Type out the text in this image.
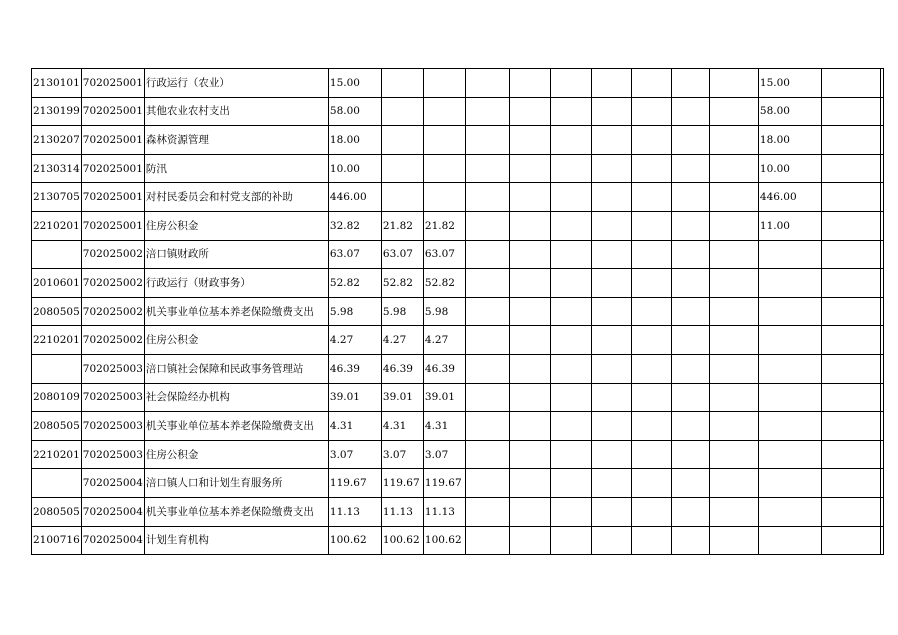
2130101	702025001	行政运行（农业）	15.00										15.00		
2130199	702025001	其他农业农村支出	58.00										58.00		
2130207	702025001	森林资源管理	18.00										18.00		
2130314	702025001	防汛	10.00										10.00		
2130705	702025001	对村民委员会和村党支部的补助	446.00										446.00		
2210201	702025001	住房公积金	32.82	21.82	21.82								11.00		
	702025002	涪口镇财政所	63.07	63.07	63.07										
2010601	702025002	行政运行（财政事务）	52.82	52.82	52.82										
2080505	702025002	机关事业单位基本养老保险缴费支出	5.98	5.98	5.98										
2210201	702025002	住房公积金	4.27	4.27	4.27										
	702025003	涪口镇社会保障和民政事务管理站	46.39	46.39	46.39										
2080109	702025003	社会保险经办机构	39.01	39.01	39.01										
2080505	702025003	机关事业单位基本养老保险缴费支出	4.31	4.31	4.31										
2210201	702025003	住房公积金	3.07	3.07	3.07										
	702025004	涪口镇人口和计划生育服务所	119.67	119.67	119.67										
2080505	702025004	机关事业单位基本养老保险缴费支出	11.13	11.13	11.13										
2100716	702025004	计划生育机构	100.62	100.62	100.62										
